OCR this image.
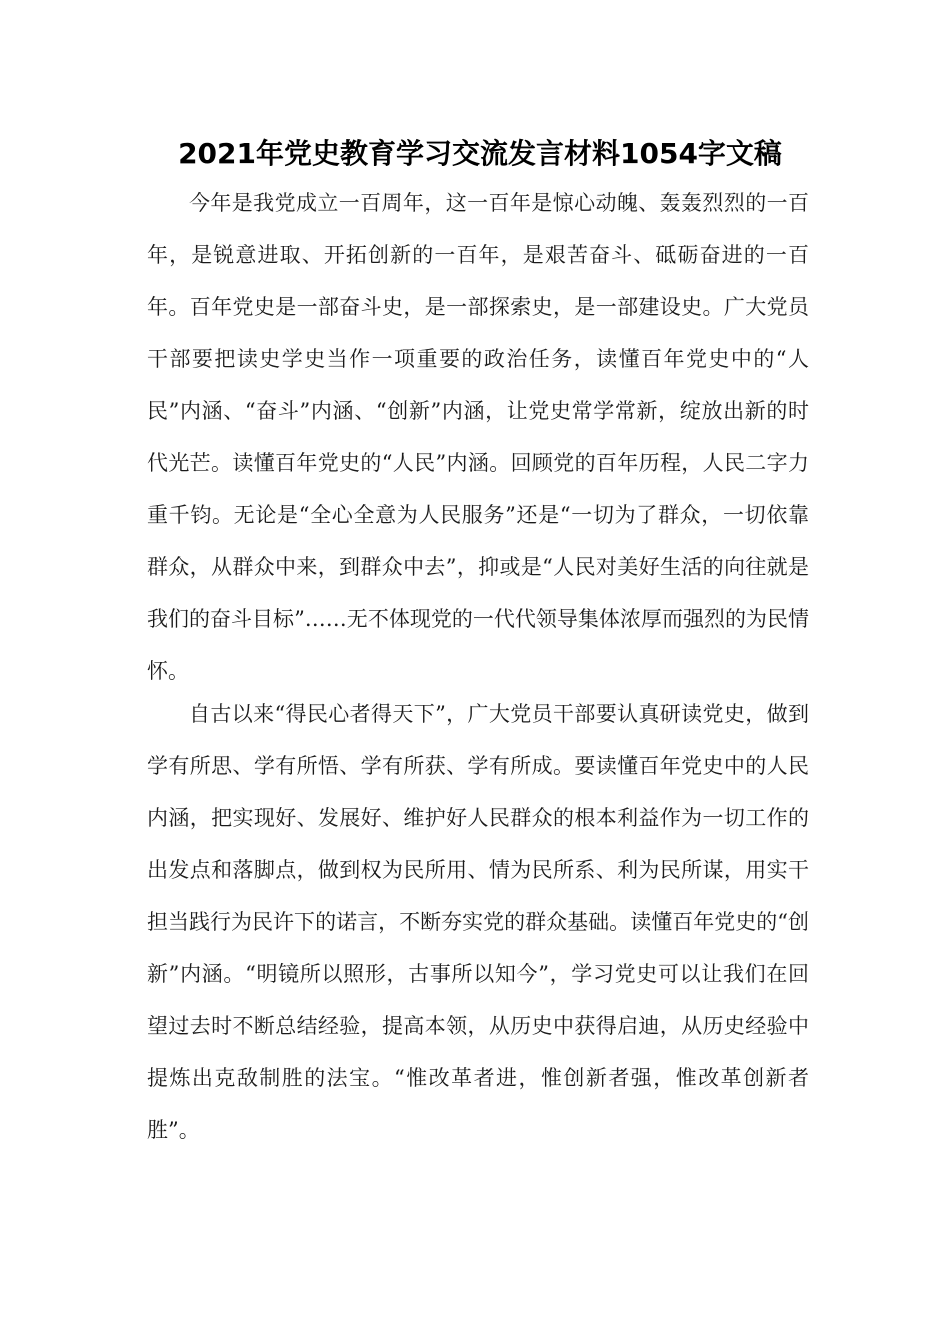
2021年党史教育学习交流发言材料1054字文稿

今年是我党成立一百周年，这一百年是惊心动魄、轰轰烈烈的一百年，是锐意进取、开拓创新的一百年，是艰苦奋斗、砥砺奋进的一百年。百年党史是一部奋斗史，是一部探索史，是一部建设史。广大党员干部要把读史学史当作一项重要的政治任务，读懂百年党史中的“人民”内涵、“奋斗”内涵、“创新”内涵，让党史常学常新，绽放出新的时代光芒。读懂百年党史的“人民”内涵。回顾党的百年历程，人民二字力重千钧。无论是“全心全意为人民服务”还是“一切为了群众，一切依靠群众，从群众中来，到群众中去”，抑或是“人民对美好生活的向往就是我们的奋斗目标”……无不体现党的一代代领导集体浓厚而强烈的为民情怀。

自古以来“得民心者得天下”，广大党员干部要认真研读党史，做到学有所思、学有所悟、学有所获、学有所成。要读懂百年党史中的人民内涵，把实现好、发展好、维护好人民群众的根本利益作为一切工作的出发点和落脚点，做到权为民所用、情为民所系、利为民所谋，用实干担当践行为民许下的诺言，不断夯实党的群众基础。读懂百年党史的“创新”内涵。“明镜所以照形，古事所以知今”，学习党史可以让我们在回望过去时不断总结经验，提高本领，从历史中获得启迪，从历史经验中提炼出克敌制胜的法宝。“惟改革者进，惟创新者强，惟改革创新者胜”。
